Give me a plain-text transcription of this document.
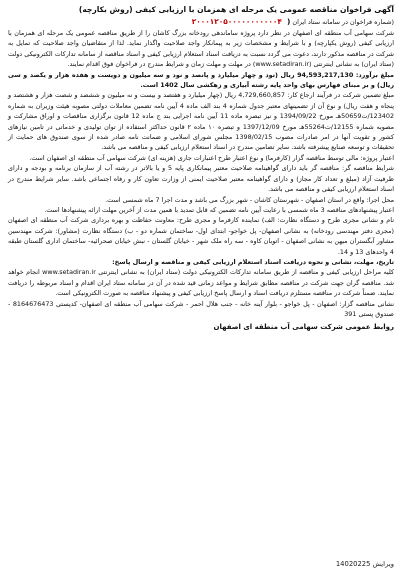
آگهی فراخوان مناقصه عمومی یک مرحله ای همزمان با ارزیابی کیفی (روش بکارچه)
(شماره فراخوان در سامانه ستاد ایران ۲۰۰۰۱۲۰۵۰۰۰۰۰۰۰۰۰۰۰۴ )

شرکت سهامی آب منطقه ای اصفهان در نظر دارد پروژه ساماندهی رودخانه بزرگ کاشان را از طریق مناقصه عمومی یک مرحله ای همزمان با ارزیابی کیفی (روش یکپارچه) و با شرایط و مشخصات زیر به پیمانکار واجد صلاحیت واگذار نماید. لذا از متقاضیان واجد صلاحیت که تمایل به شرکت در مناقصه مذکور دارند، دعوت می گردد نسبت به دریافت اسناد استعلام ارزیابی کیفی و اسناد مناقصه از سامانه تدارکات الکترونیکی دولت (ستاد ایران) به نشانی اینترنتی (www.setadiran.ir) در مهلت و مهلت زمان و شرایط مندرج در فراخوان فوق اقدام نمایند.

مبلغ برآورد: 94,593,217,130 ریال (نود و چهار میلیارد و پانصد و نود و سه میلیون و دویست و هفده هزار و یکصد و سی ریال) و بر مبنای فهارس بهای واحد پایه رشته آبیاری و زهکشی سال 1402 است.

مبلغ تضمین شرکت در فرآیند ارجاع کار: 4,729,660,857 ریال (چهار میلیارد و هفتصد و بیست و نه میلیون و ششصد و شصت هزار و هشتصد و پنجاه و هفت ریال) و نوع آن از تضمینهای معتبر جدول شماره 4 بند الف ماده 4 آیین نامه تضمین معاملات دولتی مصوبه هیئت وزیران به شماره 123402/ت50659هـ مورخ 1394/09/22 و نیز تبصره ماده 11 آیین نامه اجرایی بند ج ماده 12 قانون برگزاری مناقصات و اوراق مشارکت و مصوبه شماره 12155/ت55264هـ مورخ 1397/12/09 و تبصره ۱۰ ماده ۲ قانون حداکثر استفاده از توان تولیدی و خدماتی در تامین نیازهای کشور و تقویت آنها در امر صادرات مصوب 1398/02/15 مجلس شورای اسلامی و ضمانت نامه صادر شده از سوی صندوق های حمایت از تحقیقات و توسعه صنایع پیشرفته باشد. سایر تضامین مندرج در اسناد استعلام ارزیابی کیفی و مناقصه می باشد.

اعتبار پروژه: مالی توسط مناقصه گزار (کارفرما) و نوع اعتبار طرح اعتبارات جاری (هزینه ای) شرکت سهامی آب منطقه ای اصفهان است.

شرایط مناقصه گر: مناقصه گر باید دارای گواهینامه صلاحیت معتبر پیمانکاری پایه 5 و یا بالاتر در رشته آب از سازمان برنامه و بودجه و دارای ظرفیت آزاد (مبلغ و تعداد کار مجاز) و دارای گواهینامه معتبر صلاحیت ایمنی از وزارت تعاون کار و رفاه اجتماعی باشد. سایر شرایط مندرج در اسناد استعلام ارزیابی کیفی و مناقصه می باشد.

محل اجرا: واقع در استان اصفهان - شهرستان کاشان - شهر بزرگ می باشد و مدت اجرا 7 ماه شمسی است.

اعتبار پیشنهادهای مناقصه 3 ماه شمسی با رعایت آیین نامه تضمین که قابل تمدید با همین مدت از آخرین مهلت ارائه پیشنهادها است.

نام و نشانی مجری طرح و دستگاه نظارت: الف) نماینده کارفرما و مجری طرح: معاونت حفاظت و بهره برداری شرکت آب منطقه ای اصفهان (مجری دفتر مهندسی رودخانه) به نشانی اصفهان- پل خواجو- ابتدای اول- ساختمان شماره دو - ب) دستگاه نظارت (مشاور): شرکت مهندسین مشاور آبگستران میهن به نشانی اصفهان - اتوبان کاوه - سه راه ملک شهر - خیابان گلستان - نبش خیابان صحرائیه- ساختمان اداری گلستان طبقه 4 واحدهای 13 و 14.

تاریخ، مهلت، نشانی و نحوه دریافت اسناد استعلام ارزیابی کیفی و مناقصه و ارسال پاسخ:

کلیه مراحل ارزیابی کیفی و مناقصه از طریق سامانه تدارکات الکترونیکی دولت (ستاد ایران) به نشانی اینترنتی www.setadiran.ir انجام خواهد شد. مناقصه گران جهت شرکت در مناقصه مطابق شرایط و مواعد زمانی قید شده در آن در سامانه ستاد ایران اقدام و اسناد مربوطه را دریافت نمایند. ضمناً شرکت در مناقصه مستلزم دریافت اسناد و ارسال پاسخ ارزیابی کیفی و پیشنهاد مناقصه به صورت الکترونیکی است.

نشانی مناقصه گزار: اصفهان - پل خواجو - بلوار آینه خانه - جنب هلال احمر - شرکت سهامی آب منطقه ای اصفهان- کدپستی 8164676473 - صندوق پستی 391

روابط عمومی شرکت سهامی آب منطقه ای اصفهان
ویرایش 14020225
